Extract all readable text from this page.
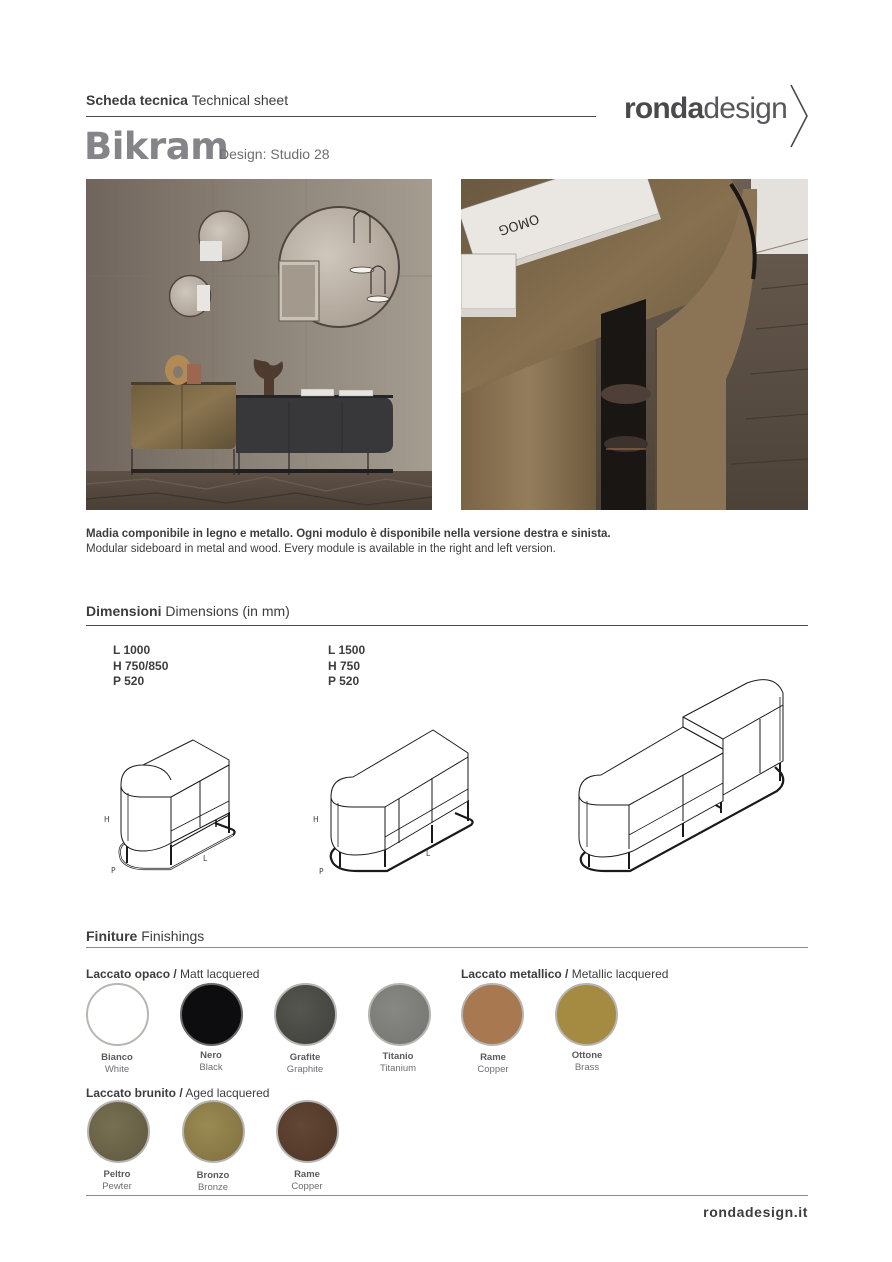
Scheda tecnica Technical sheet
Bikram
Design: Studio 28
rondadesign
OMOG
Madia componibile in legno e metallo. Ogni modulo è disponibile nella versione destra e sinista.
Modular sideboard in metal and wood. Every module is available in the right and left version.
Dimensioni Dimensions (in mm)
L 1000
H 750/850
P 520
L 1500
H 750
P 520
H
L
P
H
L
P
Finiture Finishings
Laccato opaco / Matt lacquered
Bianco
White
Nero
Black
Grafite
Graphite
Titanio
Titanium
Laccato metallico / Metallic lacquered
Rame
Copper
Ottone
Brass
Laccato brunito / Aged lacquered
Peltro
Pewter
Bronzo
Bronze
Rame
Copper
rondadesign.it
